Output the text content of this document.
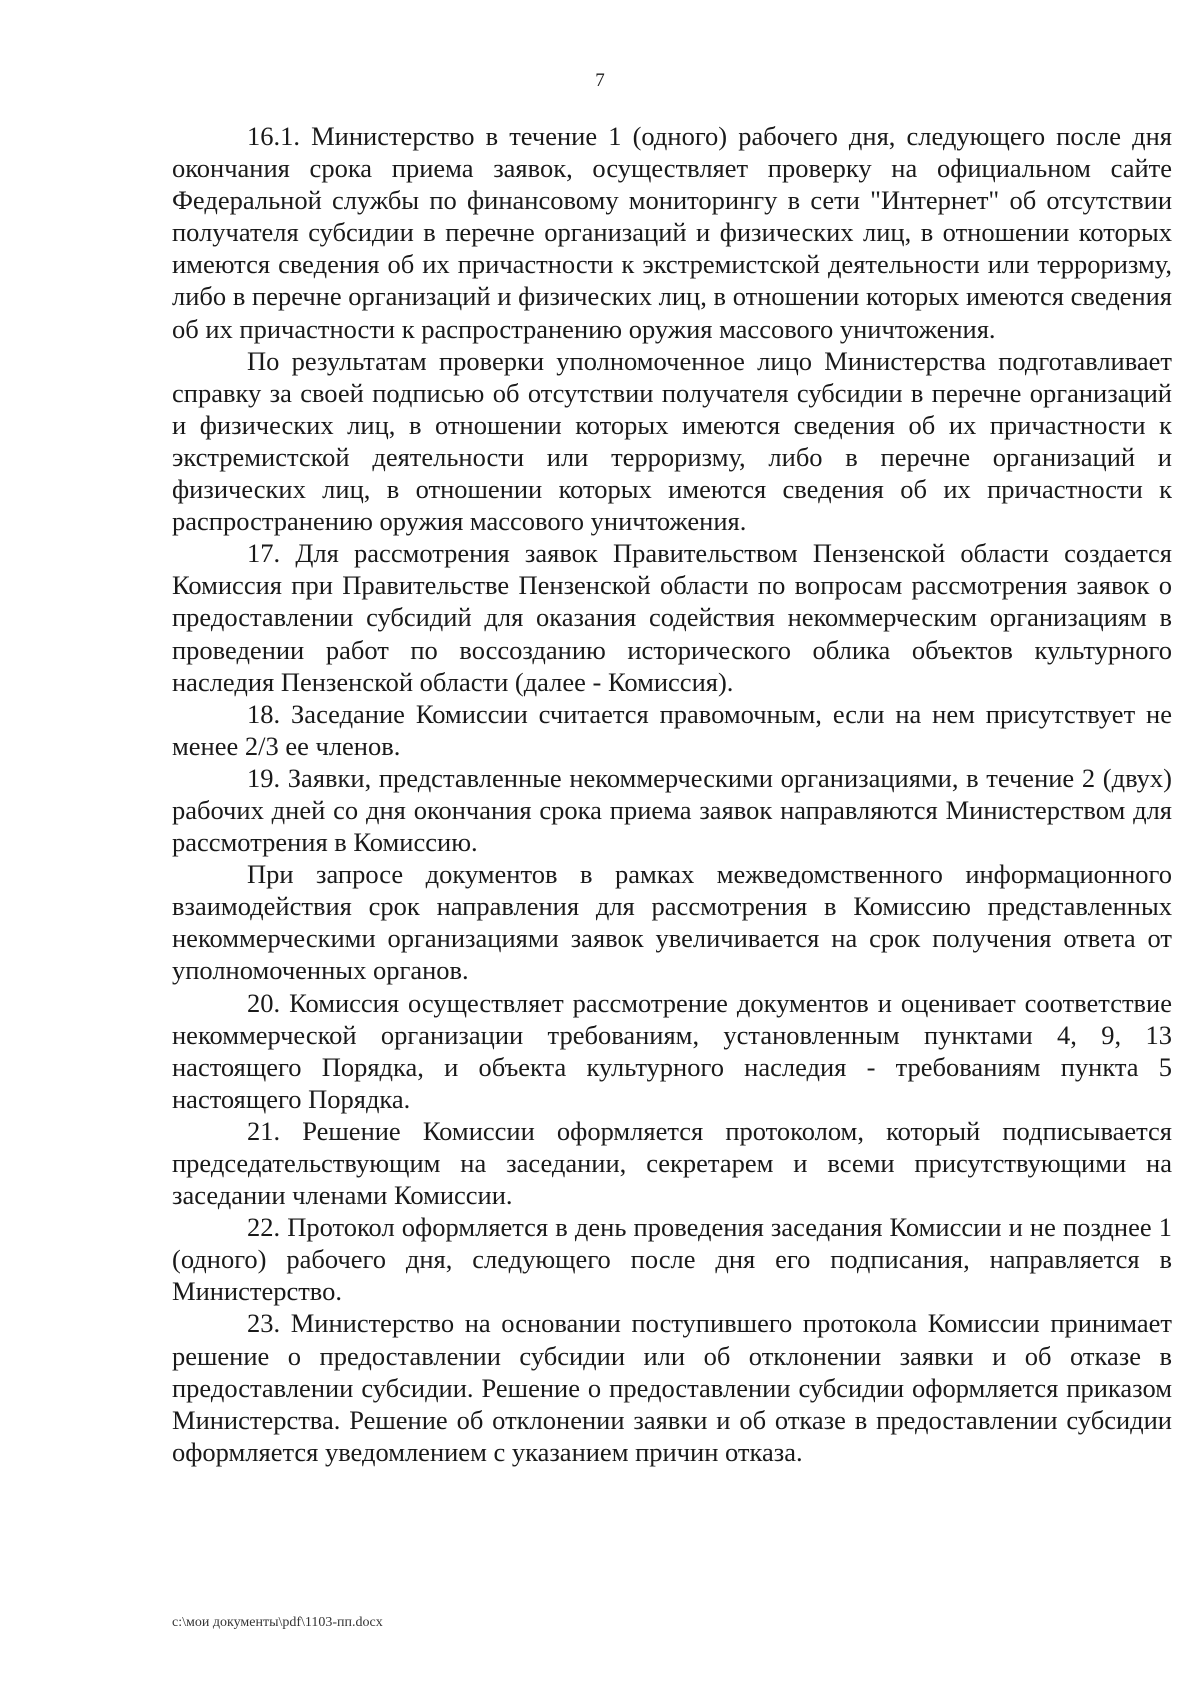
7

16.1. Министерство в течение 1 (одного) рабочего дня, следующего после дня окончания срока приема заявок, осуществляет проверку на официальном сайте Федеральной службы по финансовому мониторингу в сети "Интернет" об отсутствии получателя субсидии в перечне организаций и физических лиц, в отношении которых имеются сведения об их причастности к экстремистской деятельности или терроризму, либо в перечне организаций и физических лиц, в отношении которых имеются сведения об их причастности к распространению оружия массового уничтожения.

По результатам проверки уполномоченное лицо Министерства подготавливает справку за своей подписью об отсутствии получателя субсидии в перечне организаций и физических лиц, в отношении которых имеются сведения об их причастности к экстремистской деятельности или терроризму, либо в перечне организаций и физических лиц, в отношении которых имеются сведения об их причастности к распространению оружия массового уничтожения.

17. Для рассмотрения заявок Правительством Пензенской области создается Комиссия при Правительстве Пензенской области по вопросам рассмотрения заявок о предоставлении субсидий для оказания содействия некоммерческим организациям в проведении работ по воссозданию исторического облика объектов культурного наследия Пензенской области (далее - Комиссия).

18. Заседание Комиссии считается правомочным, если на нем присутствует не менее 2/3 ее членов.

19. Заявки, представленные некоммерческими организациями, в течение 2 (двух) рабочих дней со дня окончания срока приема заявок направляются Министерством для рассмотрения в Комиссию.

При запросе документов в рамках межведомственного информационного взаимодействия срок направления для рассмотрения в Комиссию представленных некоммерческими организациями заявок увеличивается на срок получения ответа от уполномоченных органов.

20. Комиссия осуществляет рассмотрение документов и оценивает соответствие некоммерческой организации требованиям, установленным пунктами 4, 9, 13 настоящего Порядка, и объекта культурного наследия - требованиям пункта 5 настоящего Порядка.

21. Решение Комиссии оформляется протоколом, который подписывается председательствующим на заседании, секретарем и всеми присутствующими на заседании членами Комиссии.

22. Протокол оформляется в день проведения заседания Комиссии и не позднее 1 (одного) рабочего дня, следующего после дня его подписания, направляется в Министерство.

23. Министерство на основании поступившего протокола Комиссии принимает решение о предоставлении субсидии или об отклонении заявки и об отказе в предоставлении субсидии. Решение о предоставлении субсидии оформляется приказом Министерства. Решение об отклонении заявки и об отказе в предоставлении субсидии оформляется уведомлением с указанием причин отказа.

c:\мои документы\pdf\1103-пп.docx
